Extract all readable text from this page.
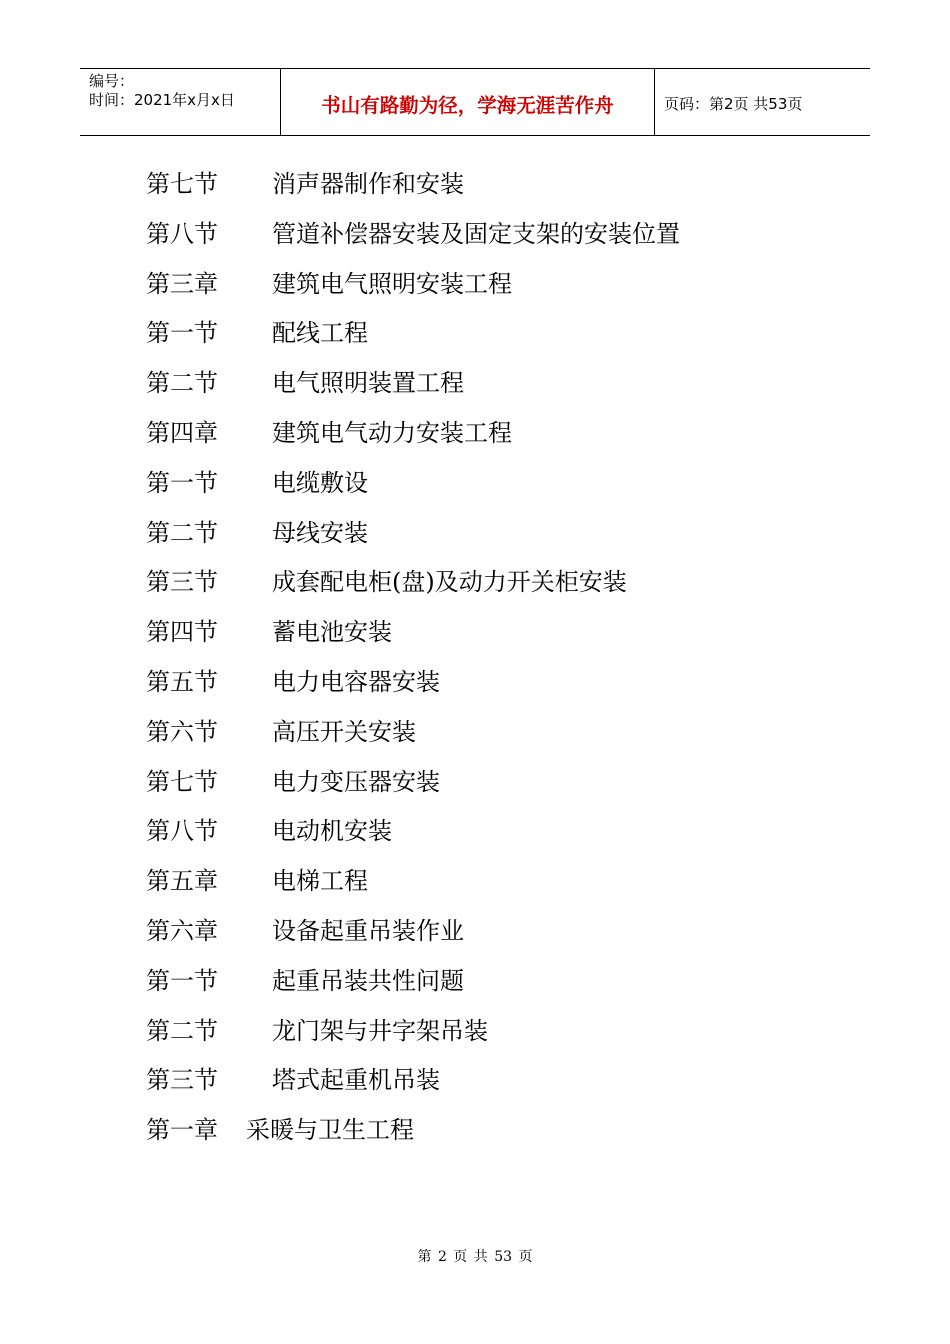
编号：
时间：2021年x月x日	书山有路勤为径，学海无涯苦作舟	页码：第2页 共53页
第七节 消声器制作和安装
第八节 管道补偿器安装及固定支架的安装位置
第三章 建筑电气照明安装工程
第一节 配线工程
第二节 电气照明装置工程
第四章 建筑电气动力安装工程
第一节 电缆敷设
第二节 母线安装
第三节 成套配电柜(盘)及动力开关柜安装
第四节 蓄电池安装
第五节 电力电容器安装
第六节 高压开关安装
第七节 电力变压器安装
第八节 电动机安装
第五章 电梯工程
第六章 设备起重吊装作业
第一节 起重吊装共性问题
第二节 龙门架与井字架吊装
第三节 塔式起重机吊装
第一章 采暖与卫生工程
第 2 页 共 53 页
